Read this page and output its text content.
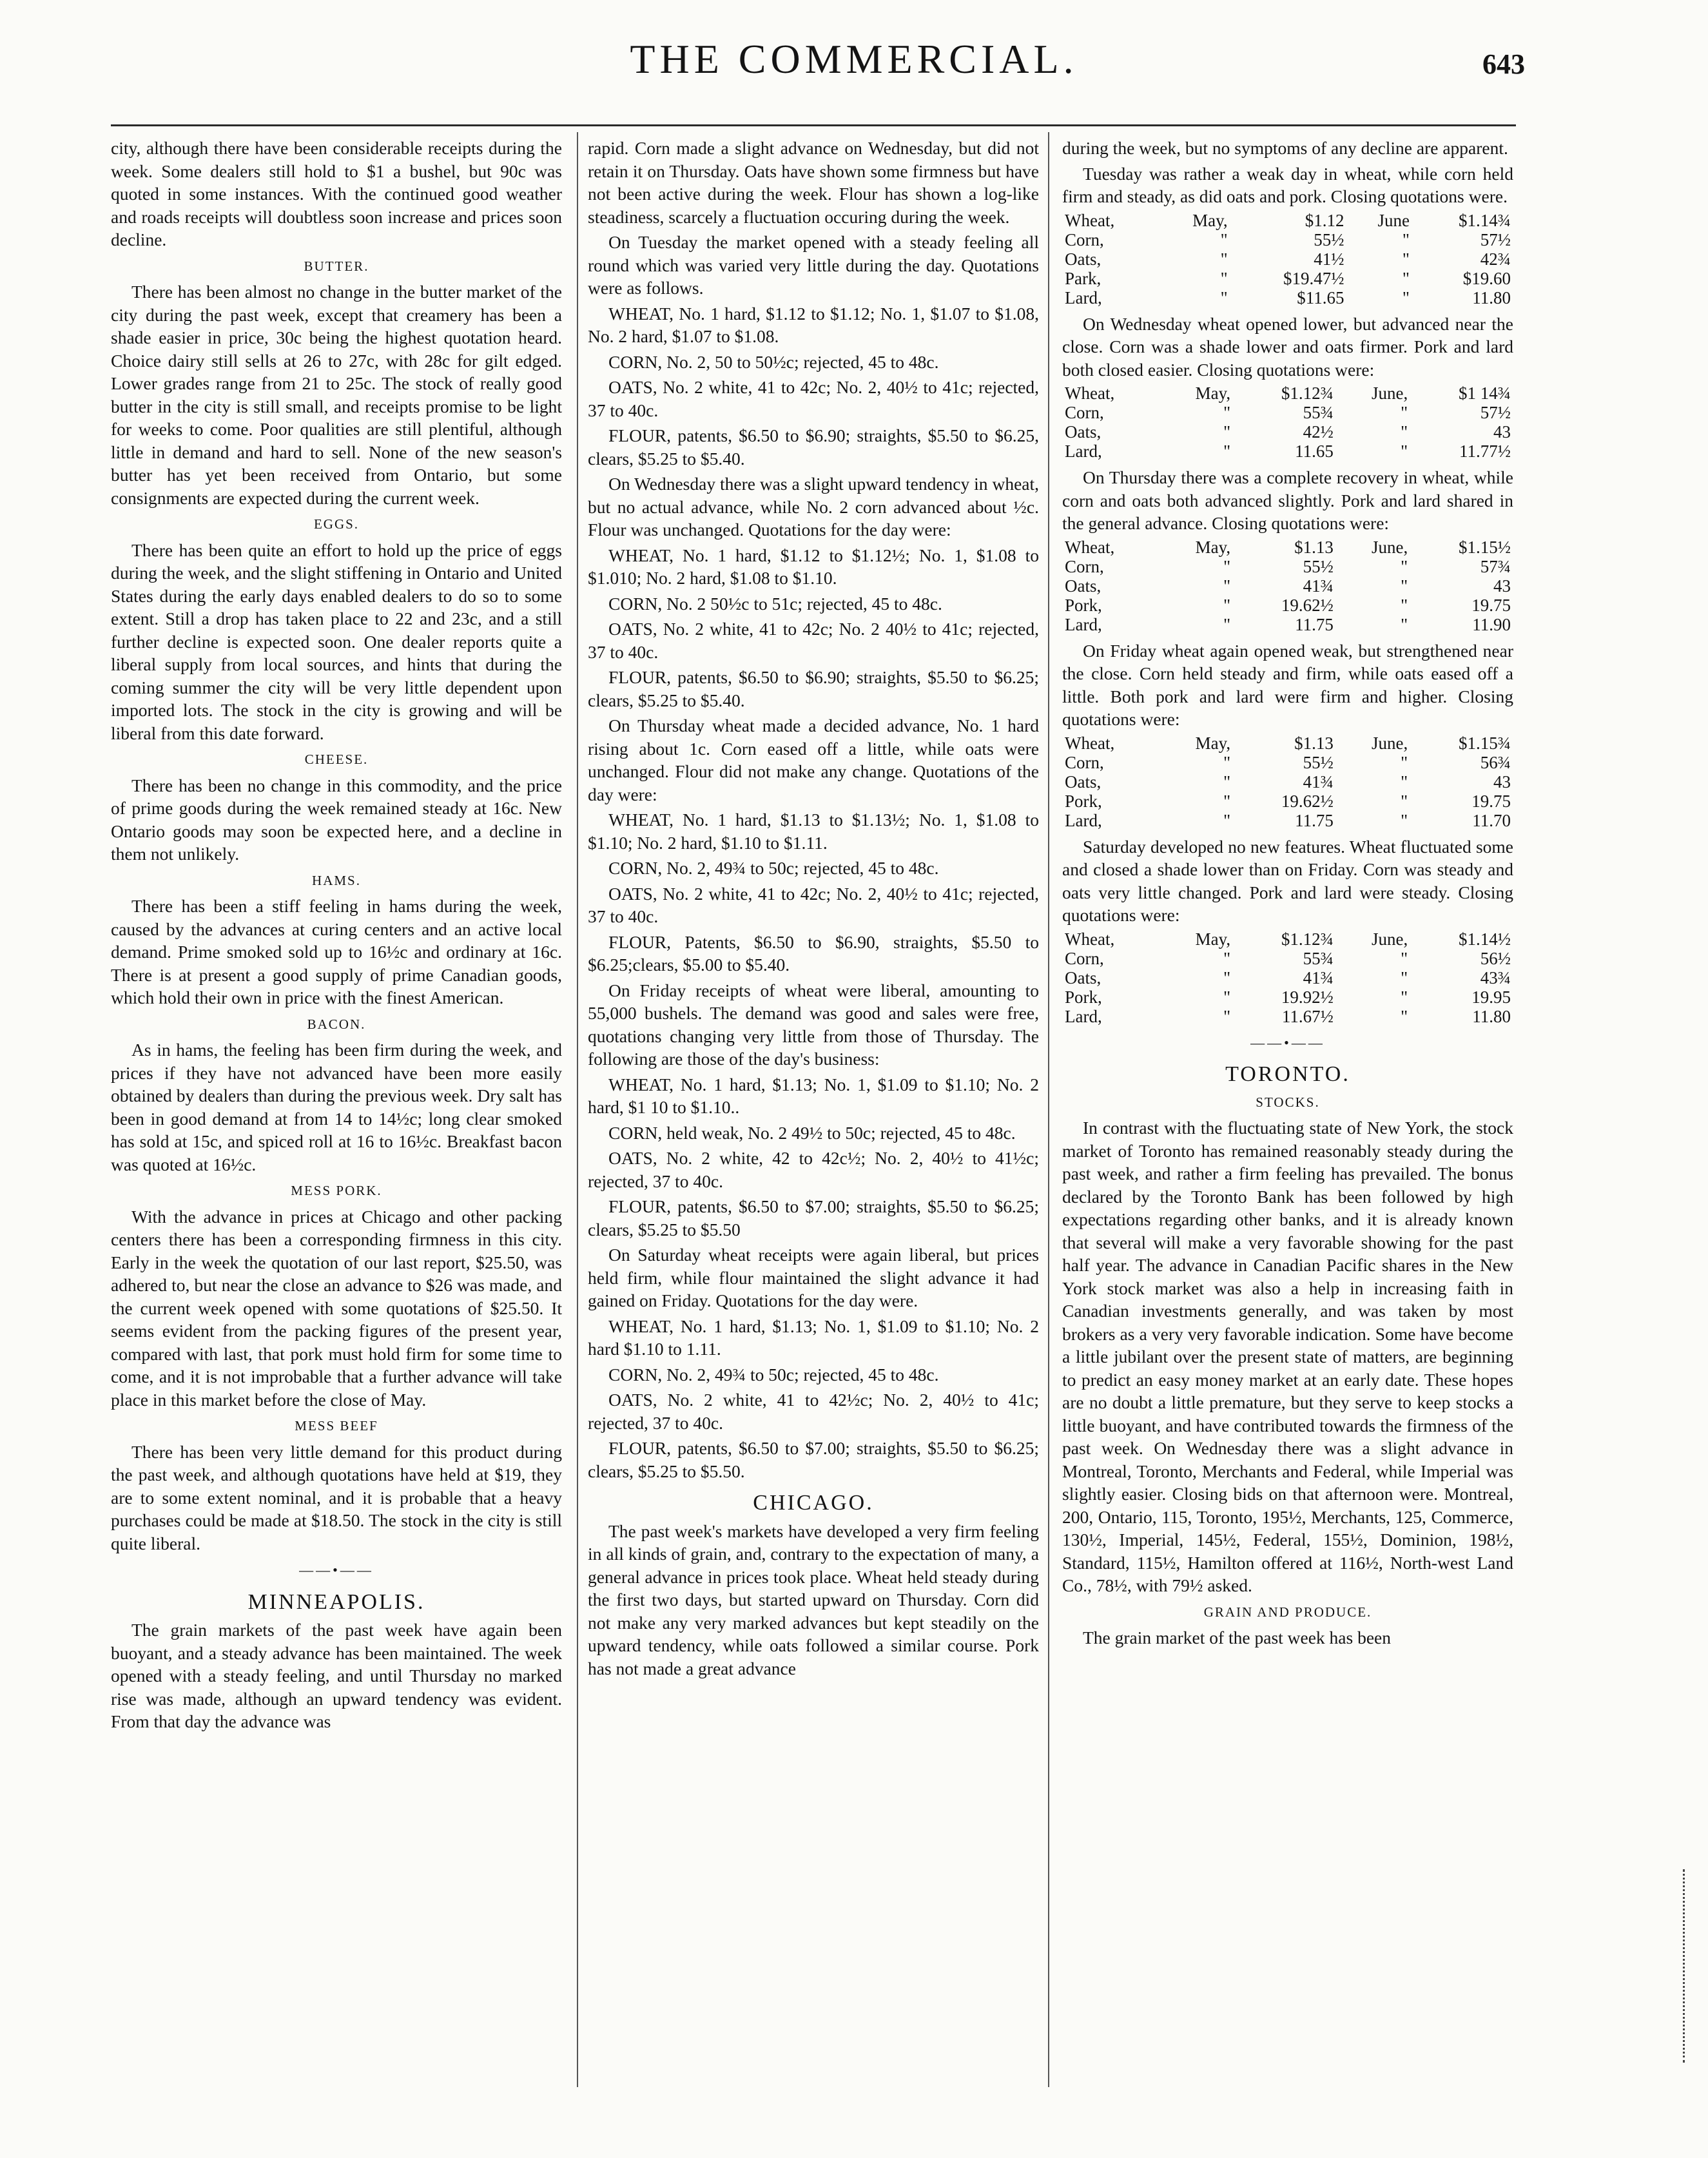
THE COMMERCIAL.	643

city, although there have been considerable receipts during the week. Some dealers still hold to $1 a bushel, but 90c was quoted in some instances. With the continued good weather and roads receipts will doubtless soon increase and prices soon decline.

BUTTER.

There has been almost no change in the butter market of the city during the past week, except that creamery has been a shade easier in price, 30c being the highest quotation heard. Choice dairy still sells at 26 to 27c, with 28c for gilt edged. Lower grades range from 21 to 25c. The stock of really good butter in the city is still small, and receipts promise to be light for weeks to come. Poor qualities are still plentiful, although little in demand and hard to sell. None of the new season's butter has yet been received from Ontario, but some consignments are expected during the current week.

EGGS.

There has been quite an effort to hold up the price of eggs during the week, and the slight stiffening in Ontario and United States during the early days enabled dealers to do so to some extent. Still a drop has taken place to 22 and 23c, and a still further decline is expected soon. One dealer reports quite a liberal supply from local sources, and hints that during the coming summer the city will be very little dependent upon imported lots. The stock in the city is growing and will be liberal from this date forward.

CHEESE.

There has been no change in this commodity, and the price of prime goods during the week remained steady at 16c. New Ontario goods may soon be expected here, and a decline in them not unlikely.

HAMS.

There has been a stiff feeling in hams during the week, caused by the advances at curing centers and an active local demand. Prime smoked sold up to 16½c and ordinary at 16c. There is at present a good supply of prime Canadian goods, which hold their own in price with the finest American.

BACON.

As in hams, the feeling has been firm during the week, and prices if they have not advanced have been more easily obtained by dealers than during the previous week. Dry salt has been in good demand at from 14 to 14½c; long clear smoked has sold at 15c, and spiced roll at 16 to 16½c. Breakfast bacon was quoted at 16½c.

MESS PORK.

With the advance in prices at Chicago and other packing centers there has been a corresponding firmness in this city. Early in the week the quotation of our last report, $25.50, was adhered to, but near the close an advance to $26 was made, and the current week opened with some quotations of $25.50. It seems evident from the packing figures of the present year, compared with last, that pork must hold firm for some time to come, and it is not improbable that a further advance will take place in this market before the close of May.

MESS BEEF

There has been very little demand for this product during the past week, and although quotations have held at $19, they are to some extent nominal, and it is probable that a heavy purchases could be made at $18.50. The stock in the city is still quite liberal.

——•——
MINNEAPOLIS.

The grain markets of the past week have again been buoyant, and a steady advance has been maintained. The week opened with a steady feeling, and until Thursday no marked rise was made, although an upward tendency was evident. From that day the advance was

rapid. Corn made a slight advance on Wednesday, but did not retain it on Thursday. Oats have shown some firmness but have not been active during the week. Flour has shown a log-like steadiness, scarcely a fluctuation occuring during the week.

On Tuesday the market opened with a steady feeling all round which was varied very little during the day. Quotations were as follows.

WHEAT, No. 1 hard, $1.12 to $1.12; No. 1, $1.07 to $1.08, No. 2 hard, $1.07 to $1.08.

CORN, No. 2, 50 to 50½c; rejected, 45 to 48c.

OATS, No. 2 white, 41 to 42c; No. 2, 40½ to 41c; rejected, 37 to 40c.

FLOUR, patents, $6.50 to $6.90; straights, $5.50 to $6.25, clears, $5.25 to $5.40.

On Wednesday there was a slight upward tendency in wheat, but no actual advance, while No. 2 corn advanced about ½c. Flour was unchanged. Quotations for the day were:

WHEAT, No. 1 hard, $1.12 to $1.12½; No. 1, $1.08 to $1.010; No. 2 hard, $1.08 to $1.10.

CORN, No. 2 50½c to 51c; rejected, 45 to 48c.

OATS, No. 2 white, 41 to 42c; No. 2 40½ to 41c; rejected, 37 to 40c.

FLOUR, patents, $6.50 to $6.90; straights, $5.50 to $6.25; clears, $5.25 to $5.40.

On Thursday wheat made a decided advance, No. 1 hard rising about 1c. Corn eased off a little, while oats were unchanged. Flour did not make any change. Quotations of the day were:

WHEAT, No. 1 hard, $1.13 to $1.13½; No. 1, $1.08 to $1.10; No. 2 hard, $1.10 to $1.11.

CORN, No. 2, 49¾ to 50c; rejected, 45 to 48c.

OATS, No. 2 white, 41 to 42c; No. 2, 40½ to 41c; rejected, 37 to 40c.

FLOUR, Patents, $6.50 to $6.90, straights, $5.50 to $6.25;clears, $5.00 to $5.40.

On Friday receipts of wheat were liberal, amounting to 55,000 bushels. The demand was good and sales were free, quotations changing very little from those of Thursday. The following are those of the day's business:

WHEAT, No. 1 hard, $1.13; No. 1, $1.09 to $1.10; No. 2 hard, $1 10 to $1.10..

CORN, held weak, No. 2 49½ to 50c; rejected, 45 to 48c.

OATS, No. 2 white, 42 to 42c½; No. 2, 40½ to 41½c; rejected, 37 to 40c.

FLOUR, patents, $6.50 to $7.00; straights, $5.50 to $6.25; clears, $5.25 to $5.50

On Saturday wheat receipts were again liberal, but prices held firm, while flour maintained the slight advance it had gained on Friday. Quotations for the day were.

WHEAT, No. 1 hard, $1.13; No. 1, $1.09 to $1.10; No. 2 hard $1.10 to 1.11.

CORN, No. 2, 49¾ to 50c; rejected, 45 to 48c.

OATS, No. 2 white, 41 to 42½c; No. 2, 40½ to 41c; rejected, 37 to 40c.

FLOUR, patents, $6.50 to $7.00; straights, $5.50 to $6.25; clears, $5.25 to $5.50.

CHICAGO.

The past week's markets have developed a very firm feeling in all kinds of grain, and, contrary to the expectation of many, a general advance in prices took place. Wheat held steady during the first two days, but started upward on Thursday. Corn did not make any very marked advances but kept steadily on the upward tendency, while oats followed a similar course. Pork has not made a great advance

during the week, but no symptoms of any decline are apparent.

Tuesday was rather a weak day in wheat, while corn held firm and steady, as did oats and pork. Closing quotations were.

Wheat,	May,	$1.12	June	$1.14¾
Corn,	"	55½	"	57½
Oats,	"	41½	"	42¾
Park,	"	$19.47½	"	$19.60
Lard,	"	$11.65	"	11.80

On Wednesday wheat opened lower, but advanced near the close. Corn was a shade lower and oats firmer. Pork and lard both closed easier. Closing quotations were:

Wheat,	May,	$1.12¾	June,	$1 14¾
Corn,	"	55¾	"	57½
Oats,	"	42½	"	43
Lard,	"	11.65	"	11.77½

On Thursday there was a complete recovery in wheat, while corn and oats both advanced slightly. Pork and lard shared in the general advance. Closing quotations were:

Wheat,	May,	$1.13	June,	$1.15½
Corn,	"	55½	"	57¾
Oats,	"	41¾	"	43
Pork,	"	19.62½	"	19.75
Lard,	"	11.75	"	11.90

On Friday wheat again opened weak, but strengthened near the close. Corn held steady and firm, while oats eased off a little. Both pork and lard were firm and higher. Closing quotations were:

Wheat,	May,	$1.13	June,	$1.15¾
Corn,	"	55½	"	56¾
Oats,	"	41¾	"	43
Pork,	"	19.62½	"	19.75
Lard,	"	11.75	"	11.70

Saturday developed no new features. Wheat fluctuated some and closed a shade lower than on Friday. Corn was steady and oats very little changed. Pork and lard were steady. Closing quotations were:

Wheat,	May,	$1.12¾	June,	$1.14½
Corn,	"	55¾	"	56½
Oats,	"	41¾	"	43¾
Pork,	"	19.92½	"	19.95
Lard,	"	11.67½	"	11.80
——•——
TORONTO.
STOCKS.

In contrast with the fluctuating state of New York, the stock market of Toronto has remained reasonably steady during the past week, and rather a firm feeling has prevailed. The bonus declared by the Toronto Bank has been followed by high expectations regarding other banks, and it is already known that several will make a very favorable showing for the past half year. The advance in Canadian Pacific shares in the New York stock market was also a help in increasing faith in Canadian investments generally, and was taken by most brokers as a very very favorable indication. Some have become a little jubilant over the present state of matters, are beginning to predict an easy money market at an early date. These hopes are no doubt a little premature, but they serve to keep stocks a little buoyant, and have contributed towards the firmness of the past week. On Wednesday there was a slight advance in Montreal, Toronto, Merchants and Federal, while Imperial was slightly easier. Closing bids on that afternoon were. Montreal, 200, Ontario, 115, Toronto, 195½, Merchants, 125, Commerce, 130½, Imperial, 145½, Federal, 155½, Dominion, 198½, Standard, 115½, Hamilton offered at 116½, North-west Land Co., 78½, with 79½ asked.

GRAIN AND PRODUCE.

The grain market of the past week has been
